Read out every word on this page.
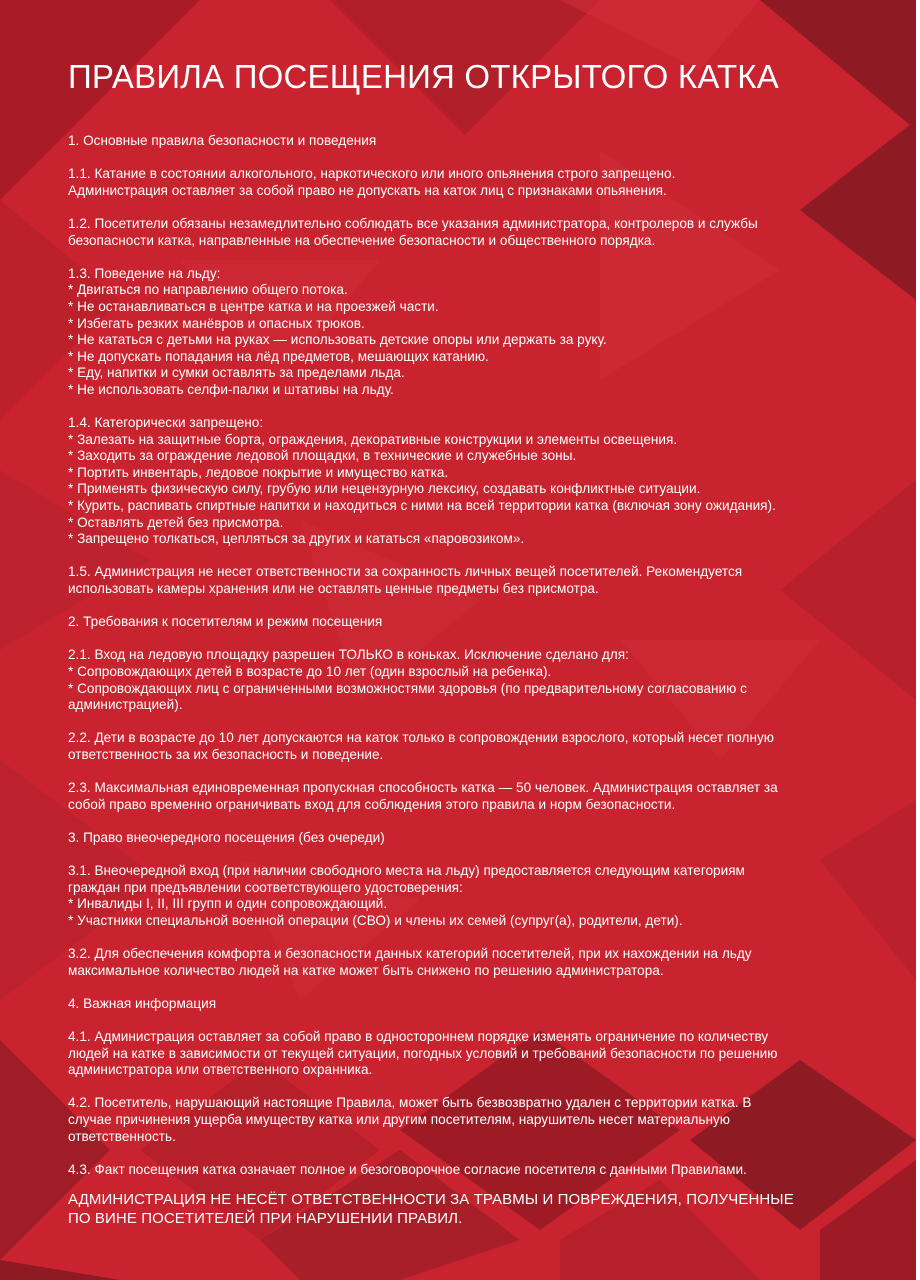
ПРАВИЛА ПОСЕЩЕНИЯ ОТКРЫТОГО КАТКА
1. Основные правила безопасности и поведения
1.1. Катание в состоянии алкогольного, наркотического или иного опьянения строго запрещено.
Администрация оставляет за собой право не допускать на каток лиц с признаками опьянения.
1.2. Посетители обязаны незамедлительно соблюдать все указания администратора, контролеров и службы
безопасности катка, направленные на обеспечение безопасности и общественного порядка.
1.3. Поведение на льду:
* Двигаться по направлению общего потока.
* Не останавливаться в центре катка и на проезжей части.
* Избегать резких манёвров и опасных трюков.
* Не кататься с детьми на руках — использовать детские опоры или держать за руку.
* Не допускать попадания на лёд предметов, мешающих катанию.
* Еду, напитки и сумки оставлять за пределами льда.
* Не использовать селфи-палки и штативы на льду.
1.4. Категорически запрещено:
* Залезать на защитные борта, ограждения, декоративные конструкции и элементы освещения.
* Заходить за ограждение ледовой площадки, в технические и служебные зоны.
* Портить инвентарь, ледовое покрытие и имущество катка.
* Применять физическую силу, грубую или нецензурную лексику, создавать конфликтные ситуации.
* Курить, распивать спиртные напитки и находиться с ними на всей территории катка (включая зону ожидания).
* Оставлять детей без присмотра.
* Запрещено толкаться, цепляться за других и кататься «паровозиком».
1.5. Администрация не несет ответственности за сохранность личных вещей посетителей. Рекомендуется
использовать камеры хранения или не оставлять ценные предметы без присмотра.
2. Требования к посетителям и режим посещения
2.1. Вход на ледовую площадку разрешен ТОЛЬКО в коньках. Исключение сделано для:
* Сопровождающих детей в возрасте до 10 лет (один взрослый на ребенка).
* Сопровождающих лиц с ограниченными возможностями здоровья (по предварительному согласованию с
администрацией).
2.2. Дети в возрасте до 10 лет допускаются на каток только в сопровождении взрослого, который несет полную
ответственность за их безопасность и поведение.
2.3. Максимальная единовременная пропускная способность катка — 50 человек. Администрация оставляет за
собой право временно ограничивать вход для соблюдения этого правила и норм безопасности.
3. Право внеочередного посещения (без очереди)
3.1. Внеочередной вход (при наличии свободного места на льду) предоставляется следующим категориям
граждан при предъявлении соответствующего удостоверения:
* Инвалиды I, II, III групп и один сопровождающий.
* Участники специальной военной операции (СВО) и члены их семей (супруг(а), родители, дети).
3.2. Для обеспечения комфорта и безопасности данных категорий посетителей, при их нахождении на льду
максимальное количество людей на катке может быть снижено по решению администратора.
4. Важная информация
4.1. Администрация оставляет за собой право в одностороннем порядке изменять ограничение по количеству
людей на катке в зависимости от текущей ситуации, погодных условий и требований безопасности по решению
администратора или ответственного охранника.
4.2. Посетитель, нарушающий настоящие Правила, может быть безвозвратно удален с территории катка. В
случае причинения ущерба имуществу катка или другим посетителям, нарушитель несет материальную
ответственность.
4.3. Факт посещения катка означает полное и безоговорочное согласие посетителя с данными Правилами.
АДМИНИСТРАЦИЯ НЕ НЕСЁТ ОТВЕТСТВЕННОСТИ ЗА ТРАВМЫ И ПОВРЕЖДЕНИЯ, ПОЛУЧЕННЫЕ
ПО ВИНЕ ПОСЕТИТЕЛЕЙ ПРИ НАРУШЕНИИ ПРАВИЛ.
